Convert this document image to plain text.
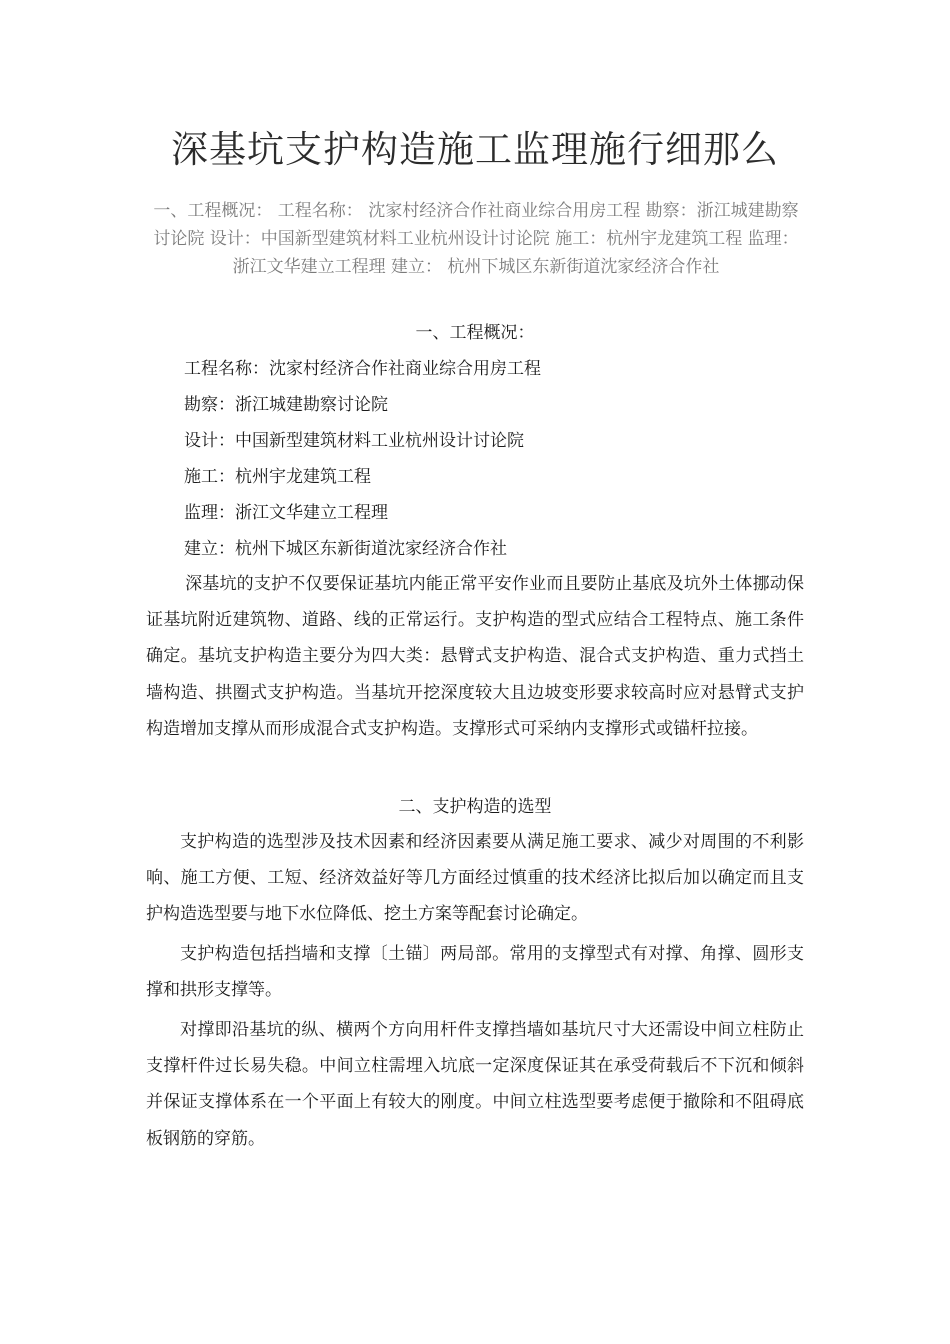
深基坑支护构造施工监理施行细那么
一、工程概况： 工程名称： 沈家村经济合作社商业综合用房工程 勘察：浙江城建勘察讨论院 设计：中国新型建筑材料工业杭州设计讨论院 施工：杭州宇龙建筑工程 监理：浙江文华建立工程理 建立： 杭州下城区东新街道沈家经济合作社
一、工程概况：
工程名称：沈家村经济合作社商业综合用房工程
勘察：浙江城建勘察讨论院
设计：中国新型建筑材料工业杭州设计讨论院
施工：杭州宇龙建筑工程
监理：浙江文华建立工程理
建立：杭州下城区东新街道沈家经济合作社
深基坑的支护不仅要保证基坑内能正常平安作业而且要防止基底及坑外土体挪动保证基坑附近建筑物、道路、线的正常运行。支护构造的型式应结合工程特点、施工条件确定。基坑支护构造主要分为四大类：悬臂式支护构造、混合式支护构造、重力式挡土墙构造、拱圈式支护构造。当基坑开挖深度较大且边坡变形要求较高时应对悬臂式支护构造增加支撑从而形成混合式支护构造。支撑形式可采纳内支撑形式或锚杆拉接。
二、支护构造的选型
支护构造的选型涉及技术因素和经济因素要从满足施工要求、减少对周围的不利影响、施工方便、工短、经济效益好等几方面经过慎重的技术经济比拟后加以确定而且支护构造选型要与地下水位降低、挖土方案等配套讨论确定。
支护构造包括挡墙和支撑〔土锚〕两局部。常用的支撑型式有对撑、角撑、圆形支撑和拱形支撑等。
对撑即沿基坑的纵、横两个方向用杆件支撑挡墙如基坑尺寸大还需设中间立柱防止支撑杆件过长易失稳。中间立柱需埋入坑底一定深度保证其在承受荷载后不下沉和倾斜并保证支撑体系在一个平面上有较大的刚度。中间立柱选型要考虑便于撤除和不阻碍底板钢筋的穿筋。
